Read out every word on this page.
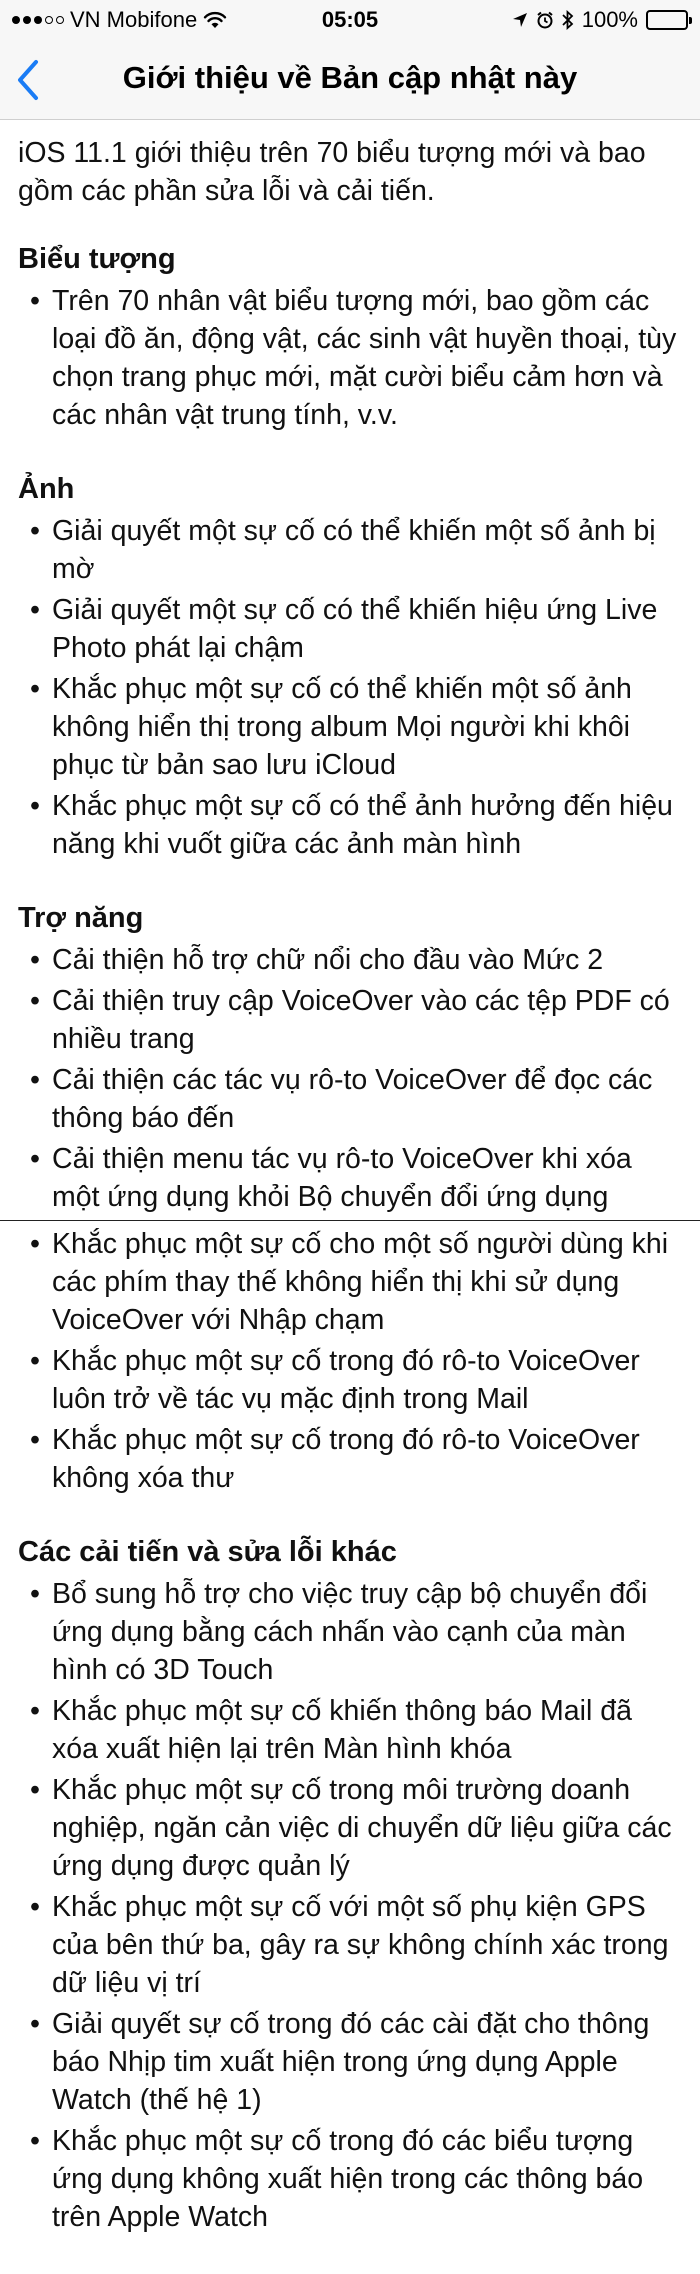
VN Mobifone	05:05	100%
Giới thiệu về Bản cập nhật này

iOS 11.1 giới thiệu trên 70 biểu tượng mới và bao gồm các phần sửa lỗi và cải tiến.

Biểu tượng
• Trên 70 nhân vật biểu tượng mới, bao gồm các loại đồ ăn, động vật, các sinh vật huyền thoại, tùy chọn trang phục mới, mặt cười biểu cảm hơn và các nhân vật trung tính, v.v.
Ảnh
• Giải quyết một sự cố có thể khiến một số ảnh bị mờ
• Giải quyết một sự cố có thể khiến hiệu ứng Live Photo phát lại chậm
• Khắc phục một sự cố có thể khiến một số ảnh không hiển thị trong album Mọi người khi khôi phục từ bản sao lưu iCloud
• Khắc phục một sự cố có thể ảnh hưởng đến hiệu năng khi vuốt giữa các ảnh màn hình
Trợ năng
• Cải thiện hỗ trợ chữ nổi cho đầu vào Mức 2
• Cải thiện truy cập VoiceOver vào các tệp PDF có nhiều trang
• Cải thiện các tác vụ rô-to VoiceOver để đọc các thông báo đến
• Cải thiện menu tác vụ rô-to VoiceOver khi xóa một ứng dụng khỏi Bộ chuyển đổi ứng dụng
• Khắc phục một sự cố cho một số người dùng khi các phím thay thế không hiển thị khi sử dụng VoiceOver với Nhập chạm
• Khắc phục một sự cố trong đó rô-to VoiceOver luôn trở về tác vụ mặc định trong Mail
• Khắc phục một sự cố trong đó rô-to VoiceOver không xóa thư
Các cải tiến và sửa lỗi khác
• Bổ sung hỗ trợ cho việc truy cập bộ chuyển đổi ứng dụng bằng cách nhấn vào cạnh của màn hình có 3D Touch
• Khắc phục một sự cố khiến thông báo Mail đã xóa xuất hiện lại trên Màn hình khóa
• Khắc phục một sự cố trong môi trường doanh nghiệp, ngăn cản việc di chuyển dữ liệu giữa các ứng dụng được quản lý
• Khắc phục một sự cố với một số phụ kiện GPS của bên thứ ba, gây ra sự không chính xác trong dữ liệu vị trí
• Giải quyết sự cố trong đó các cài đặt cho thông báo Nhịp tim xuất hiện trong ứng dụng Apple Watch (thế hệ 1)
• Khắc phục một sự cố trong đó các biểu tượng ứng dụng không xuất hiện trong các thông báo trên Apple Watch
